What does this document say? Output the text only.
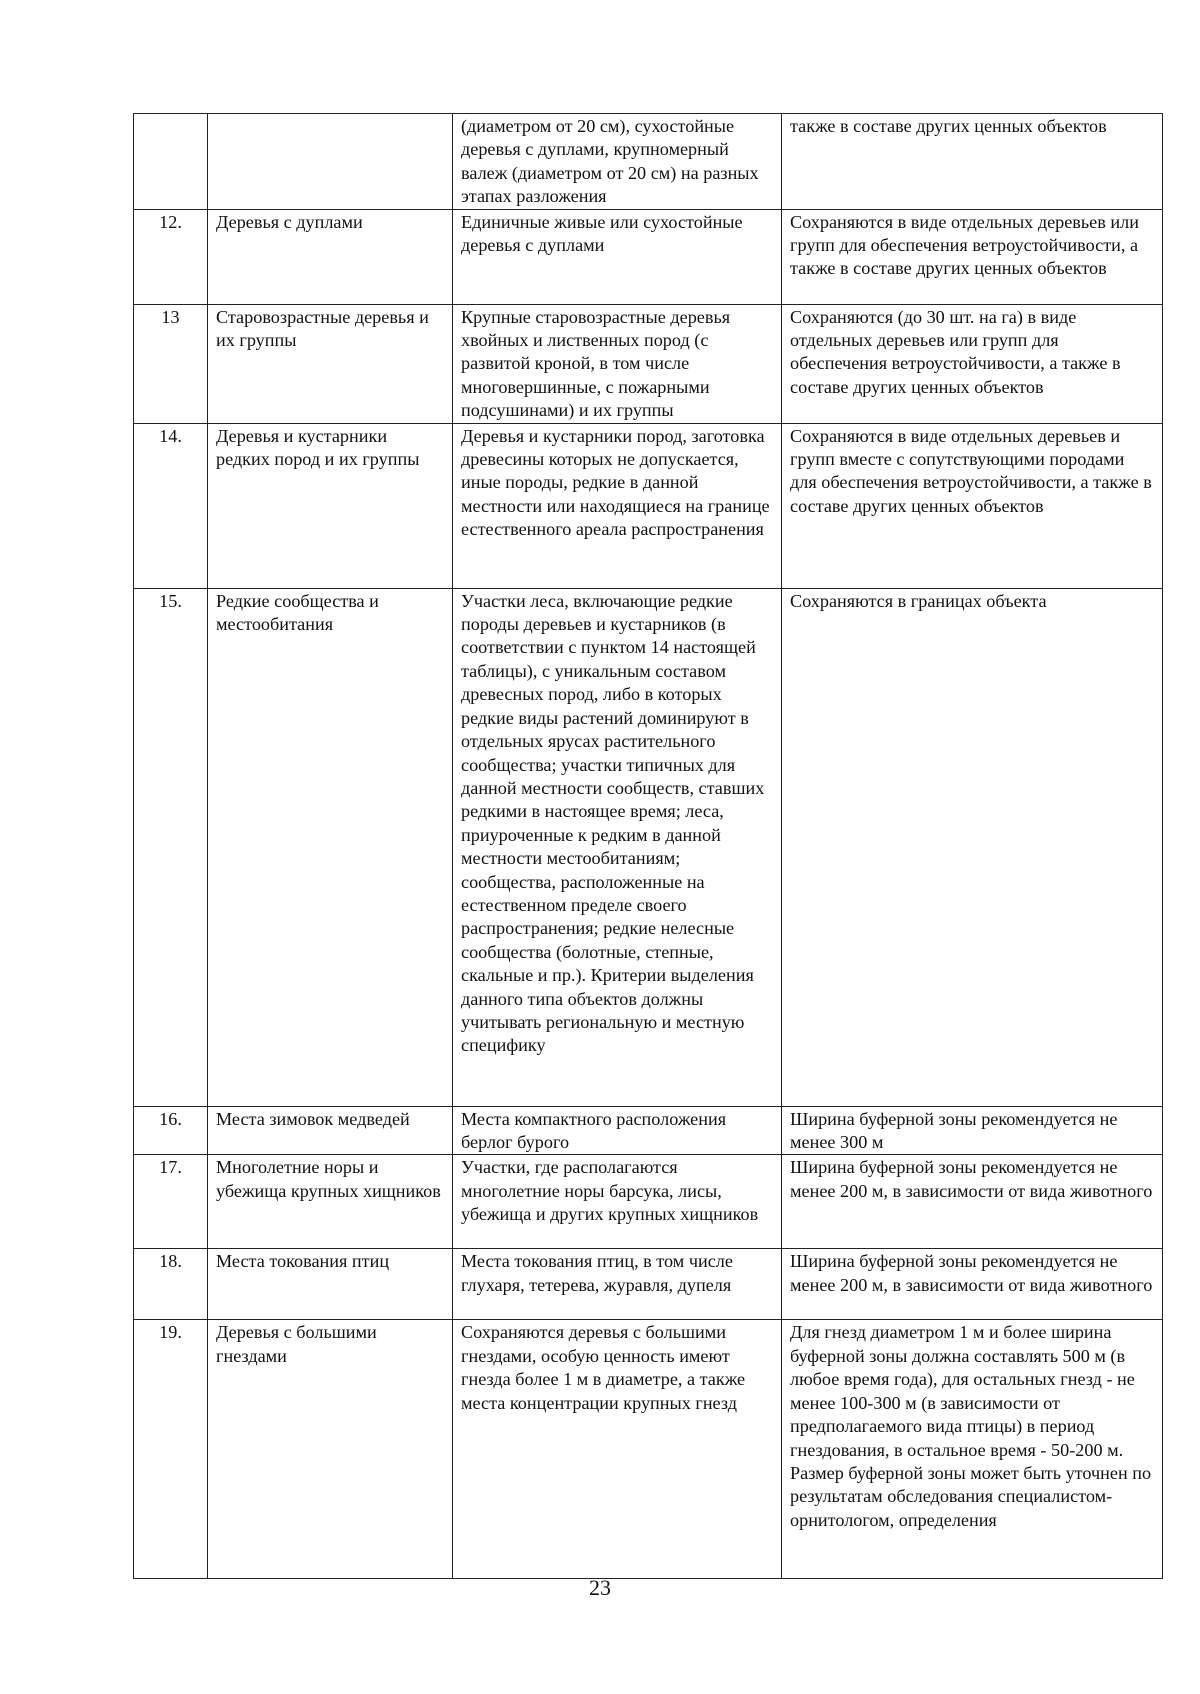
		(диаметром от 20 см), сухостойные деревья с дуплами, крупномерный валеж (диаметром от 20 см) на разных этапах разложения	также в составе других ценных объектов
12.	Деревья с дуплами	Единичные живые или сухостойные деревья с дуплами	Сохраняются в виде отдельных деревьев или групп для обеспечения ветроустойчивости, а также в составе других ценных объектов
13	Старовозрастные деревья и их группы	Крупные старовозрастные деревья хвойных и лиственных пород (с развитой кроной, в том числе многовершинные, с пожарными подсушинами) и их группы	Сохраняются (до 30 шт. на га) в виде отдельных деревьев или групп для обеспечения ветроустойчивости, а также в составе других ценных объектов
14.	Деревья и кустарники редких пород и их группы	Деревья и кустарники пород, заготовка древесины которых не допускается, иные породы, редкие в данной местности или находящиеся на границе естественного ареала распространения	Сохраняются в виде отдельных деревьев и групп вместе с сопутствующими породами для обеспечения ветроустойчивости, а также в составе других ценных объектов
15.	Редкие сообщества и местообитания	Участки леса, включающие редкие породы деревьев и кустарников (в соответствии с пунктом 14 настоящей таблицы), с уникальным составом древесных пород, либо в которых редкие виды растений доминируют в отдельных ярусах растительного сообщества; участки типичных для данной местности сообществ, ставших редкими в настоящее время; леса, приуроченные к редким в данной местности местообитаниям; сообщества, расположенные на естественном пределе своего распространения; редкие нелесные сообщества (болотные, степные, скальные и пр.). Критерии выделения данного типа объектов должны учитывать региональную и местную специфику	Сохраняются в границах объекта
16.	Места зимовок медведей	Места компактного расположения берлог бурого	Ширина буферной зоны рекомендуется не менее 300 м
17.	Многолетние норы и убежища крупных хищников	Участки, где располагаются многолетние норы барсука, лисы, убежища и других крупных хищников	Ширина буферной зоны рекомендуется не менее 200 м, в зависимости от вида животного
18.	Места токования птиц	Места токования птиц, в том числе глухаря, тетерева, журавля, дупеля	Ширина буферной зоны рекомендуется не менее 200 м, в зависимости от вида животного
19.	Деревья с большими гнездами	Сохраняются деревья с большими гнездами, особую ценность имеют гнезда более 1 м в диаметре, а также места концентрации крупных гнезд	Для гнезд диаметром 1 м и более ширина буферной зоны должна составлять 500 м (в любое время года), для остальных гнезд - не менее 100-300 м (в зависимости от предполагаемого вида птицы) в период гнездования, в остальное время - 50-200 м. Размер буферной зоны может быть уточнен по результатам обследования специалистом-орнитологом, определения
23
